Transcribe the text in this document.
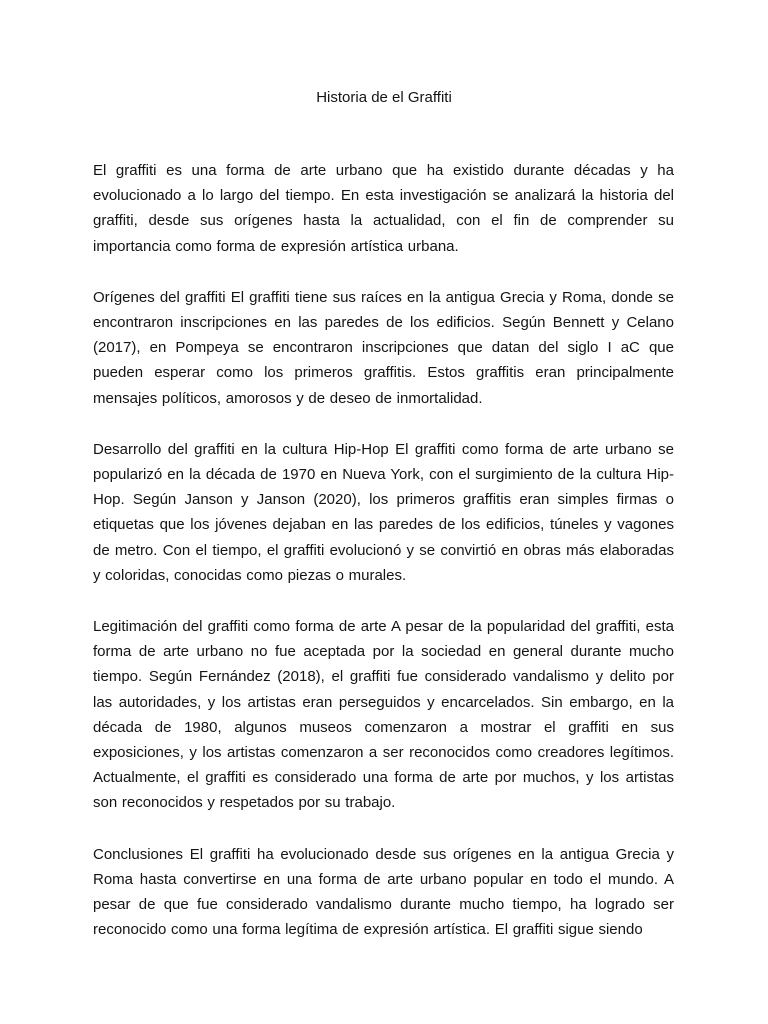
Historia de el Graffiti

El graffiti es una forma de arte urbano que ha existido durante décadas y ha evolucionado a lo largo del tiempo. En esta investigación se analizará la historia del graffiti, desde sus orígenes hasta la actualidad, con el fin de comprender su importancia como forma de expresión artística urbana.

Orígenes del graffiti El graffiti tiene sus raíces en la antigua Grecia y Roma, donde se encontraron inscripciones en las paredes de los edificios. Según Bennett y Celano (2017), en Pompeya se encontraron inscripciones que datan del siglo I aC que pueden esperar como los primeros graffitis. Estos graffitis eran principalmente mensajes políticos, amorosos y de deseo de inmortalidad.

Desarrollo del graffiti en la cultura Hip-Hop El graffiti como forma de arte urbano se popularizó en la década de 1970 en Nueva York, con el surgimiento de la cultura Hip-Hop. Según Janson y Janson (2020), los primeros graffitis eran simples firmas o etiquetas que los jóvenes dejaban en las paredes de los edificios, túneles y vagones de metro. Con el tiempo, el graffiti evolucionó y se convirtió en obras más elaboradas y coloridas, conocidas como piezas o murales.

Legitimación del graffiti como forma de arte A pesar de la popularidad del graffiti, esta forma de arte urbano no fue aceptada por la sociedad en general durante mucho tiempo. Según Fernández (2018), el graffiti fue considerado vandalismo y delito por las autoridades, y los artistas eran perseguidos y encarcelados. Sin embargo, en la década de 1980, algunos museos comenzaron a mostrar el graffiti en sus exposiciones, y los artistas comenzaron a ser reconocidos como creadores legítimos. Actualmente, el graffiti es considerado una forma de arte por muchos, y los artistas son reconocidos y respetados por su trabajo.

Conclusiones El graffiti ha evolucionado desde sus orígenes en la antigua Grecia y Roma hasta convertirse en una forma de arte urbano popular en todo el mundo. A pesar de que fue considerado vandalismo durante mucho tiempo, ha logrado ser reconocido como una forma legítima de expresión artística. El graffiti sigue siendo
